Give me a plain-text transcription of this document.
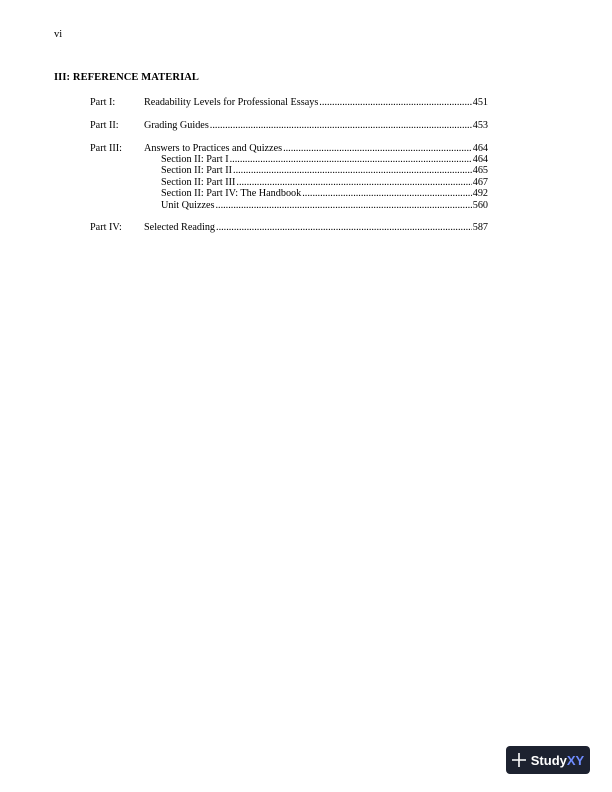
vi
III: REFERENCE MATERIAL
Part I:	Readability Levels for Professional Essays .....	451
Part II:	Grading Guides .....	453
Part III:	Answers to Practices and Quizzes .....	464
Section II: Part I .....	464
Section II: Part II .....	465
Section II: Part III .....	467
Section II: Part IV: The Handbook .....	492
Unit Quizzes .....	560
Part IV:	Selected Reading .....	587
Study XY
